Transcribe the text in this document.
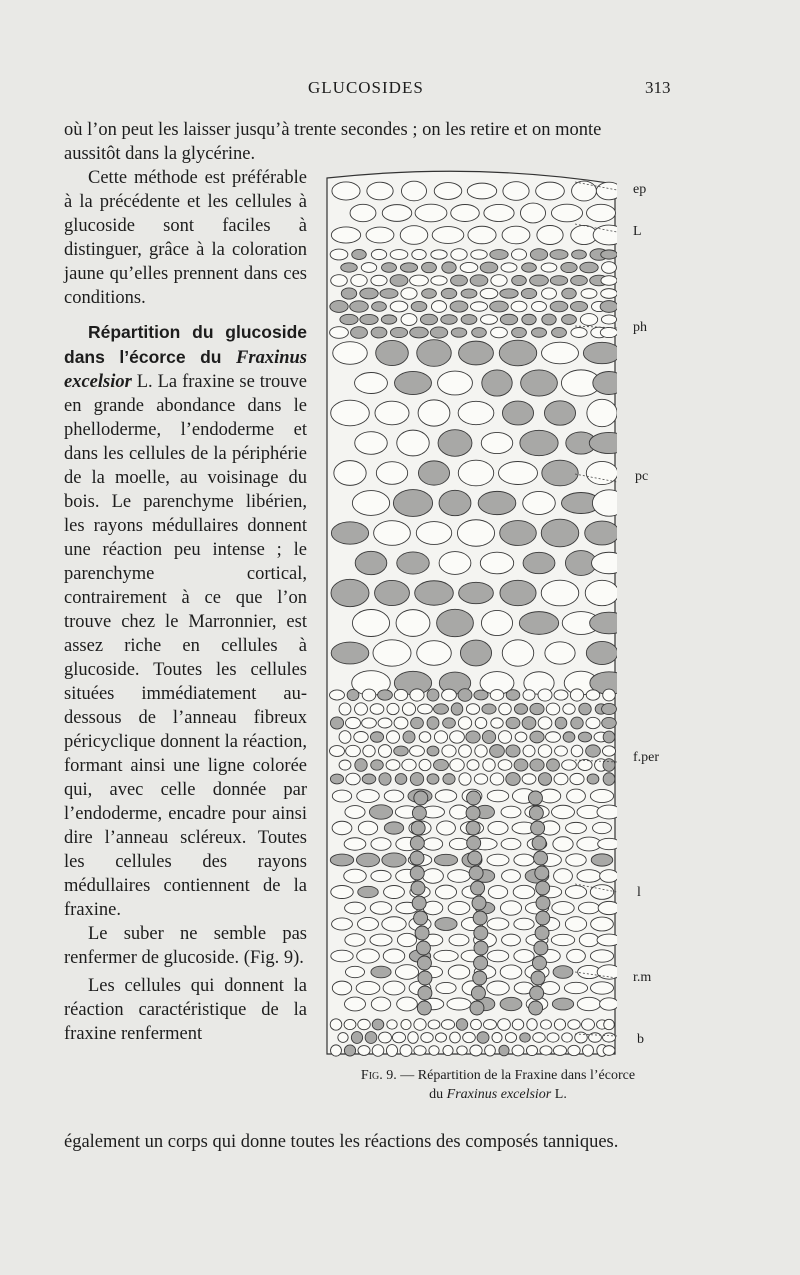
GLUCOSIDES	313
où l’on peut les laisser jusqu’à trente secondes ; on les retire et on monte
aussitôt dans la glycérine.

Cette méthode est préférable à la précédente et les cellules à glucoside sont faciles à distinguer, grâce à la coloration jaune qu’elles prennent dans ces conditions.

Répartition du glucoside dans l’écorce du Fraxinus excelsior L. La fraxine se trouve en grande abondance dans le phelloderme, l’endoderme et dans les cellules de la périphérie de la moelle, au voisinage du bois. Le parenchyme libérien, les rayons médullaires donnent une réaction peu intense ; le parenchyme cortical, contrairement à ce que l’on trouve chez le Marronnier, est assez riche en cellules à glucoside. Toutes les cellules situées immédiatement au-dessous de l’anneau fibreux péricyclique donnent la réaction, formant ainsi une ligne colorée qui, avec celle donnée par l’endoderme, encadre pour ainsi dire l’anneau scléreux. Toutes les cellules des rayons médullaires contiennent de la fraxine.

Le suber ne semble pas renfermer de glucoside. (Fig. 9).

Les cellules qui donnent la réaction caractéristique de la fraxine renferment

ep
L
ph
pc
f.per
l
r.m
b
Fig. 9. — Répartition de la Fraxine dans l’écorce
du Fraxinus excelsior L.
également un corps qui donne toutes les réactions des composés tanniques.
